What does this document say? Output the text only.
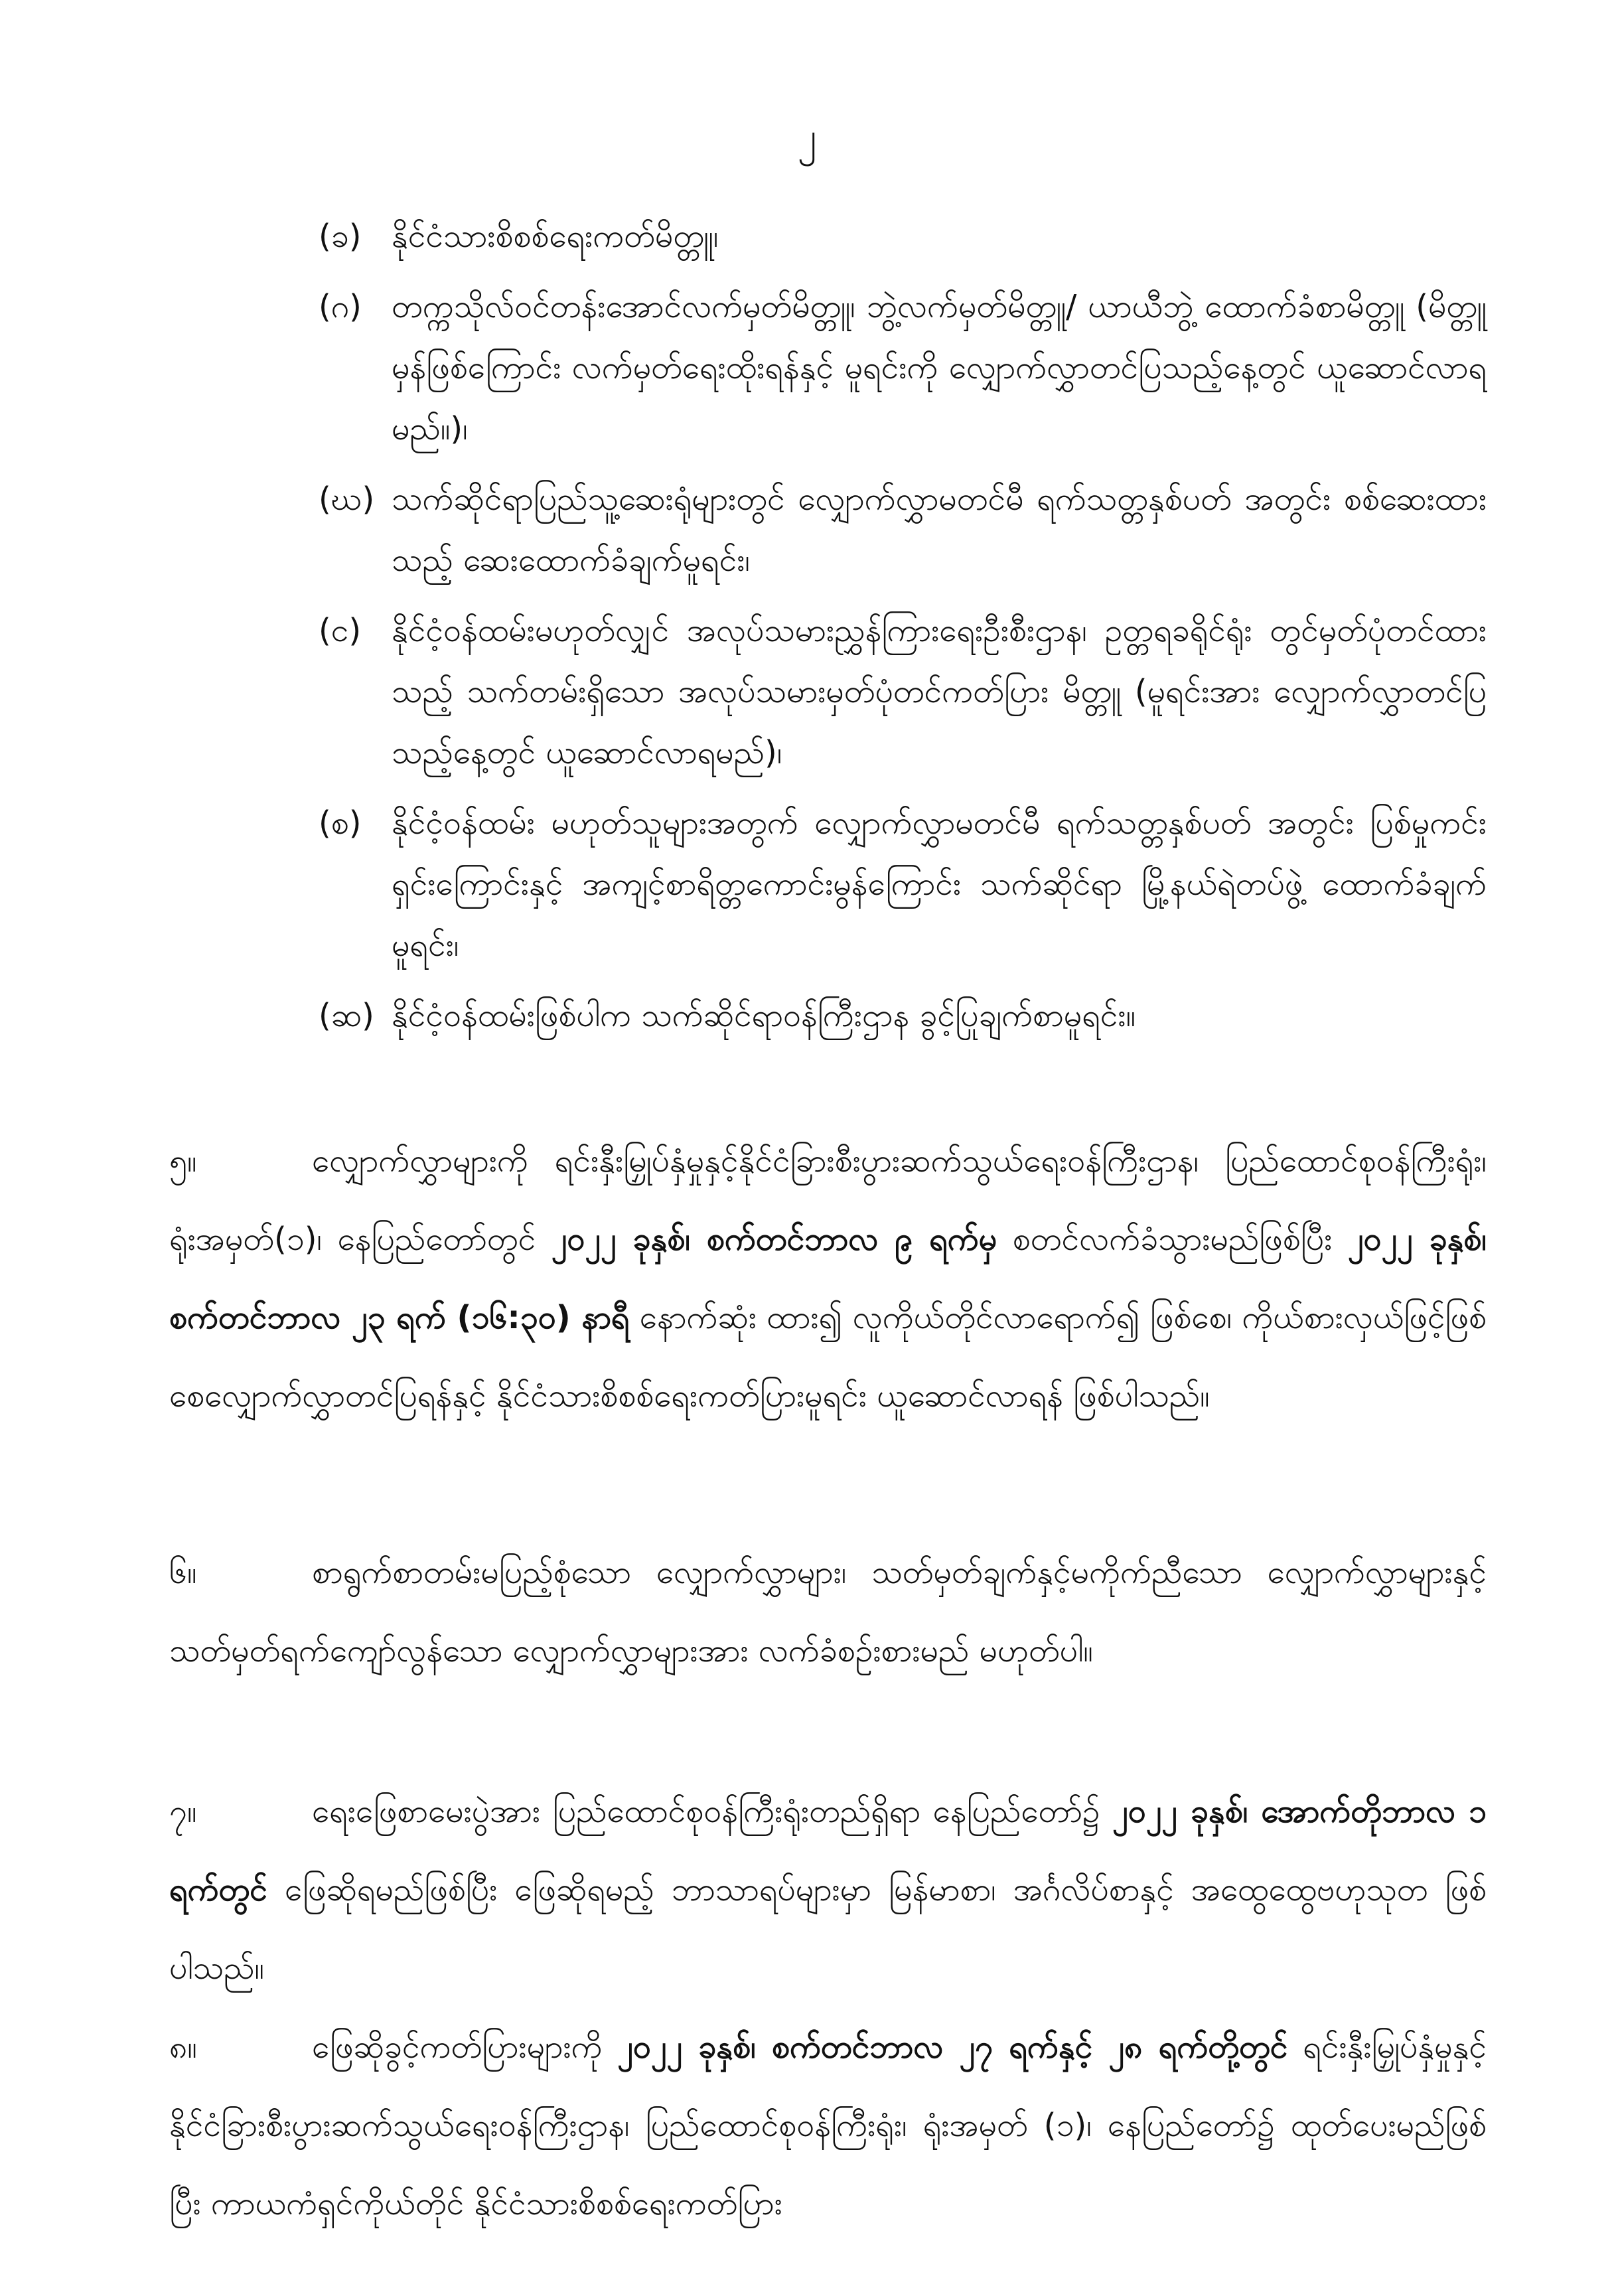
၂
(ခ) နိုင်ငံသားစိစစ်ရေးကတ်မိတ္တူ၊
(ဂ) တက္ကသိုလ်ဝင်တန်းအောင်လက်မှတ်မိတ္တူ၊ ဘွဲ့လက်မှတ်မိတ္တူ/ ယာယီဘွဲ့ ထောက်ခံစာမိတ္တူ (မိတ္တူမှန်ဖြစ်ကြောင်း လက်မှတ်ရေးထိုးရန်နှင့် မူရင်းကို လျှောက်လွှာတင်ပြသည့်နေ့တွင် ယူဆောင်လာရမည်။)၊
(ဃ) သက်ဆိုင်ရာပြည်သူ့ဆေးရုံများတွင် လျှောက်လွှာမတင်မီ ရက်သတ္တနှစ်ပတ် အတွင်း စစ်ဆေးထားသည့် ဆေးထောက်ခံချက်မူရင်း၊
(င) နိုင်ငံ့ဝန်ထမ်းမဟုတ်လျှင် အလုပ်သမားညွှန်ကြားရေးဦးစီးဌာန၊ ဥတ္တရခရိုင်ရုံး တွင်မှတ်ပုံတင်ထားသည့် သက်တမ်းရှိသော အလုပ်သမားမှတ်ပုံတင်ကတ်ပြား မိတ္တူ (မူရင်းအား လျှောက်လွှာတင်ပြသည့်နေ့တွင် ယူဆောင်လာရမည်)၊
(စ) နိုင်ငံ့ဝန်ထမ်း မဟုတ်သူများအတွက် လျှောက်လွှာမတင်မီ ရက်သတ္တနှစ်ပတ် အတွင်း ပြစ်မှုကင်းရှင်းကြောင်းနှင့် အကျင့်စာရိတ္တကောင်းမွန်ကြောင်း သက်ဆိုင်ရာ မြို့နယ်ရဲတပ်ဖွဲ့ ထောက်ခံချက်မူရင်း၊
(ဆ) နိုင်ငံ့ဝန်ထမ်းဖြစ်ပါက သက်ဆိုင်ရာဝန်ကြီးဌာန ခွင့်ပြုချက်စာမူရင်း။
၅။	လျှောက်လွှာများကို ရင်းနှီးမြှုပ်နှံမှုနှင့်နိုင်ငံခြားစီးပွားဆက်သွယ်ရေးဝန်ကြီးဌာန၊ ပြည်ထောင်စုဝန်ကြီးရုံး၊ ရုံးအမှတ်(၁)၊ နေပြည်တော်တွင် ၂၀၂၂ ခုနှစ်၊ စက်တင်ဘာလ ၉ ရက်မှ စတင်လက်ခံသွားမည်ဖြစ်ပြီး ၂၀၂၂ ခုနှစ်၊ စက်တင်ဘာလ ၂၃ ရက် (၁၆:၃၀) နာရီ နောက်ဆုံး ထား၍ လူကိုယ်တိုင်လာရောက်၍ ဖြစ်စေ၊ ကိုယ်စားလှယ်ဖြင့်ဖြစ်စေလျှောက်လွှာတင်ပြရန်နှင့် နိုင်ငံသားစိစစ်ရေးကတ်ပြားမူရင်း ယူဆောင်လာရန် ဖြစ်ပါသည်။
၆။	စာရွက်စာတမ်းမပြည့်စုံသော လျှောက်လွှာများ၊ သတ်မှတ်ချက်နှင့်မကိုက်ညီသော လျှောက်လွှာများနှင့် သတ်မှတ်ရက်ကျော်လွန်သော လျှောက်လွှာများအား လက်ခံစဉ်းစားမည် မဟုတ်ပါ။
၇။	ရေးဖြေစာမေးပွဲအား ပြည်ထောင်စုဝန်ကြီးရုံးတည်ရှိရာ နေပြည်တော်၌ ၂၀၂၂ ခုနှစ်၊ အောက်တိုဘာလ ၁ ရက်တွင် ဖြေဆိုရမည်ဖြစ်ပြီး ဖြေဆိုရမည့် ဘာသာရပ်များမှာ မြန်မာစာ၊ အင်္ဂလိပ်စာနှင့် အထွေထွေဗဟုသုတ ဖြစ်ပါသည်။
၈။	ဖြေဆိုခွင့်ကတ်ပြားများကို ၂၀၂၂ ခုနှစ်၊ စက်တင်ဘာလ ၂၇ ရက်နှင့် ၂၈ ရက်တို့တွင် ရင်းနှီးမြှုပ်နှံမှုနှင့်နိုင်ငံခြားစီးပွားဆက်သွယ်ရေးဝန်ကြီးဌာန၊ ပြည်ထောင်စုဝန်ကြီးရုံး၊ ရုံးအမှတ် (၁)၊ နေပြည်တော်၌ ထုတ်ပေးမည်ဖြစ်ပြီး ကာယကံရှင်ကိုယ်တိုင် နိုင်ငံသားစိစစ်ရေးကတ်ပြား
